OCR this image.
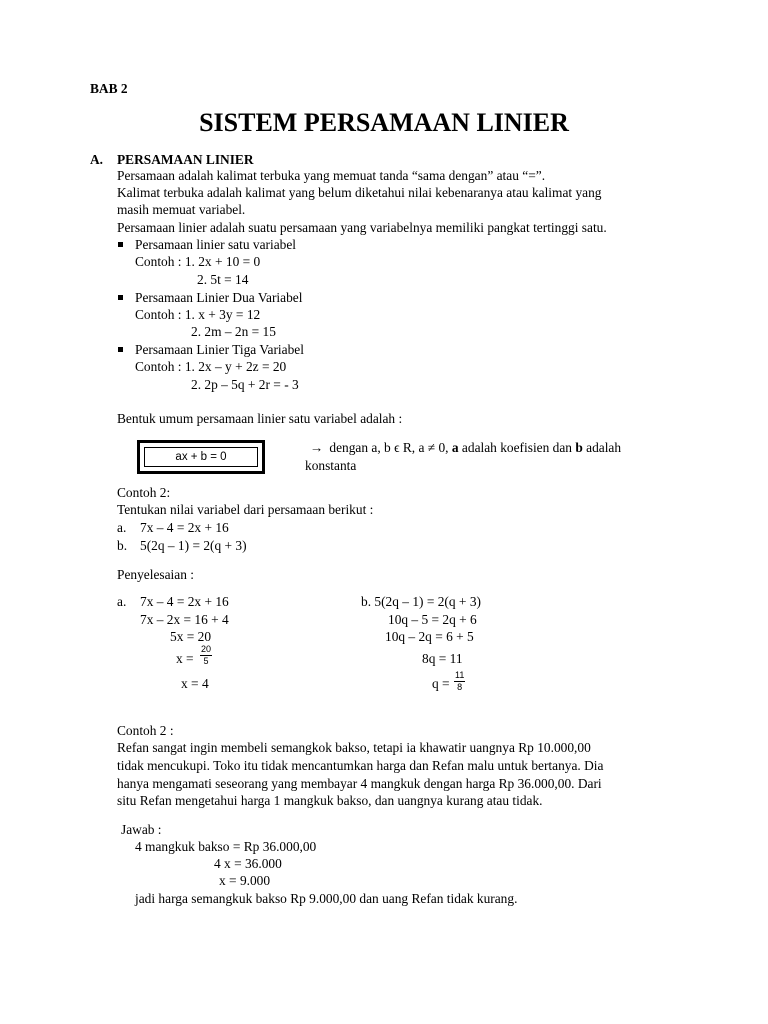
BAB 2
SISTEM PERSAMAAN LINIER
A. PERSAMAAN LINIER
Persamaan adalah kalimat terbuka yang memuat tanda “sama dengan” atau “=”.
Kalimat terbuka adalah kalimat yang belum diketahui nilai kebenaranya atau kalimat yang
masih memuat variabel.
Persamaan linier adalah suatu persamaan yang variabelnya memiliki pangkat tertinggi satu.
Persamaan linier satu variabel
Contoh : 1. 2x + 10 = 0
2. 5t = 14
Persamaan Linier Dua Variabel
Contoh : 1. x + 3y = 12
2. 2m – 2n = 15
Persamaan Linier Tiga Variabel
Contoh : 1. 2x – y + 2z = 20
2. 2p – 5q + 2r = - 3
Bentuk umum persamaan linier satu variabel adalah :
ax + b = 0
→ dengan a, b ϵ R, a ≠ 0, a adalah koefisien dan b adalah
konstanta
Contoh 2:
Tentukan nilai variabel dari persamaan berikut :
a. 7x – 4 = 2x + 16
b. 5(2q – 1) = 2(q + 3)
Penyelesaian :
a. 7x – 4 = 2x + 16
7x – 2x = 16 + 4
5x = 20
$x = \frac{20}{5}$
x = 4
b. 5(2q – 1) = 2(q + 3)
10q – 5 = 2q + 6
10q – 2q = 6 + 5
8q = 11
$q = \frac{11}{8}$
Contoh 2 :
Refan sangat ingin membeli semangkok bakso, tetapi ia khawatir uangnya Rp 10.000,00
tidak mencukupi. Toko itu tidak mencantumkan harga dan Refan malu untuk bertanya. Dia
hanya mengamati seseorang yang membayar 4 mangkuk dengan harga Rp 36.000,00. Dari
situ Refan mengetahui harga 1 mangkuk bakso, dan uangnya kurang atau tidak.
Jawab :
4 mangkuk bakso = Rp 36.000,00
4 x = 36.000
x = 9.000
jadi harga semangkuk bakso Rp 9.000,00 dan uang Refan tidak kurang.
